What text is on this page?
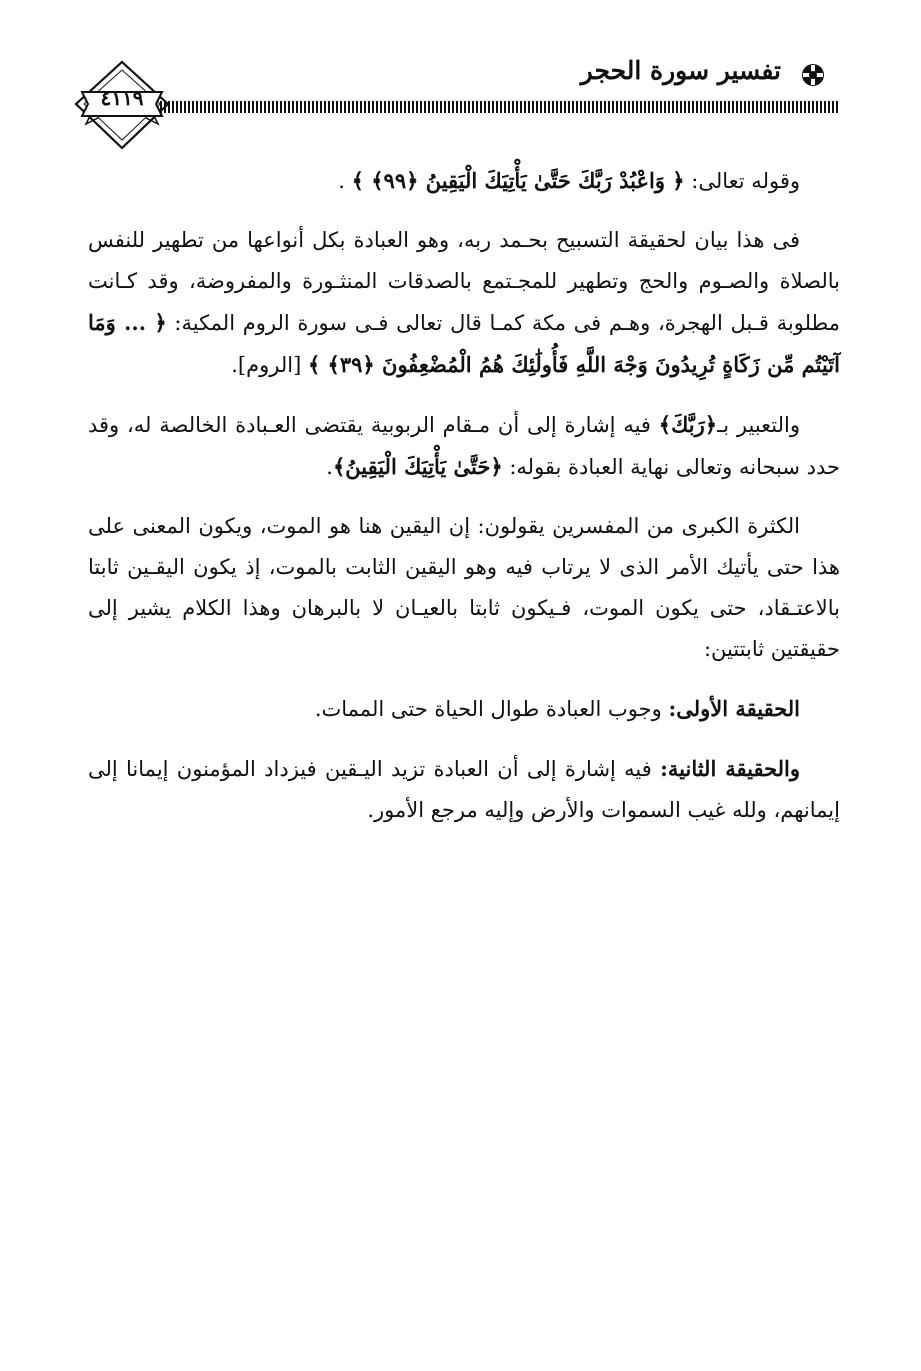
٤١١٩
تفسير سورة الحجر

وقوله تعالى: ﴿ وَاعْبُدْ رَبَّكَ حَتَّىٰ يَأْتِيَكَ الْيَقِينُ ﴿٩٩﴾ ﴾ .

فى هذا بيان لحقيقة التسبيح بحـمد ربه، وهو العبادة بكل أنواعها من تطهير للنفس بالصلاة والصـوم والحج وتطهير للمجـتمع بالصدقات المنثـورة والمفروضة، وقد كـانت مطلوبة قـبل الهجرة، وهـم فى مكة كمـا قال تعالى فـى سورة الروم المكية: ﴿ ... وَمَا آتَيْتُم مِّن زَكَاةٍ تُرِيدُونَ وَجْهَ اللَّهِ فَأُولَٰئِكَ هُمُ الْمُضْعِفُونَ ﴿٣٩﴾ ﴾ [الروم].

والتعبير بـ﴿رَبَّكَ﴾ فيه إشارة إلى أن مـقام الربوبية يقتضى العـبادة الخالصة له، وقد حدد سبحانه وتعالى نهاية العبادة بقوله: ﴿حَتَّىٰ يَأْتِيَكَ الْيَقِينُ﴾.

الكثرة الكبرى من المفسرين يقولون: إن اليقين هنا هو الموت، ويكون المعنى على هذا حتى يأتيك الأمر الذى لا يرتاب فيه وهو اليقين الثابت بالموت، إذ يكون اليقـين ثابتا بالاعتـقاد، حتى يكون الموت، فـيكون ثابتا بالعيـان لا بالبرهان وهذا الكلام يشير إلى حقيقتين ثابتتين:

الحقيقة الأولى: وجوب العبادة طوال الحياة حتى الممات.

والحقيقة الثانية: فيه إشارة إلى أن العبادة تزيد اليـقين فيزداد المؤمنون إيمانا إلى إيمانهم، ولله غيب السموات والأرض وإليه مرجع الأمور.
